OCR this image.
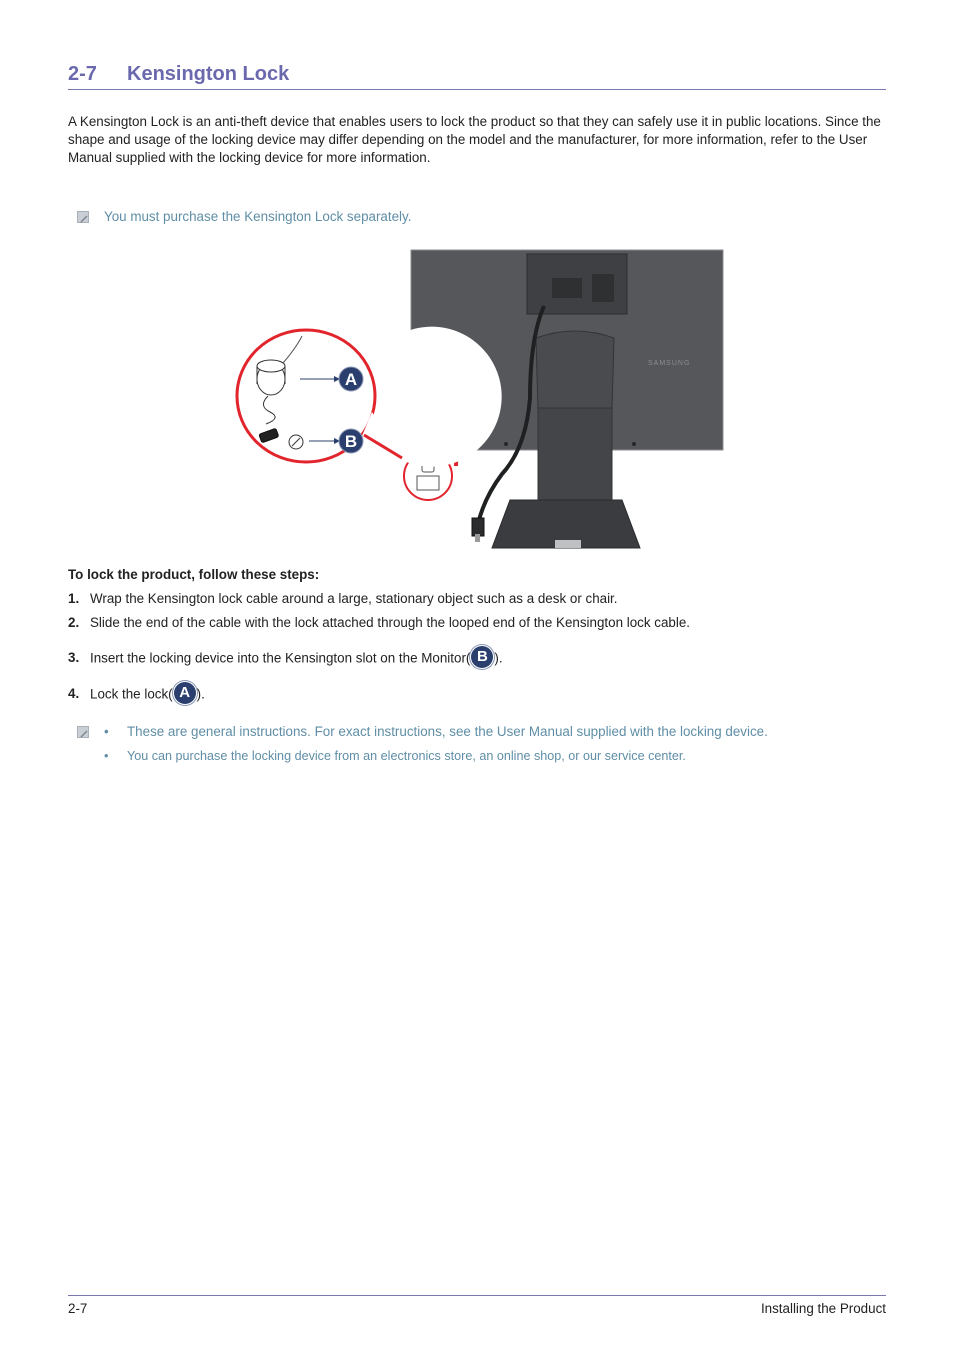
2-7 Kensington Lock

A Kensington Lock is an anti-theft device that enables users to lock the product so that they can safely use it in public locations. Since the shape and usage of the locking device may differ depending on the model and the manufacturer, for more information, refer to the User Manual supplied with the locking device for more information.

You must purchase the Kensington Lock separately.
SAMSUNG
A
B
To lock the product, follow these steps:
1. Wrap the Kensington lock cable around a large, stationary object such as a desk or chair.
2. Slide the end of the cable with the lock attached through the looped end of the Kensington lock cable.
3. Insert the locking device into the Kensington slot on the Monitor( B ).
4. Lock the lock( A ).
• These are general instructions. For exact instructions, see the User Manual supplied with the locking device.
• You can purchase the locking device from an electronics store, an online shop, or our service center.
2-7	Installing the Product
